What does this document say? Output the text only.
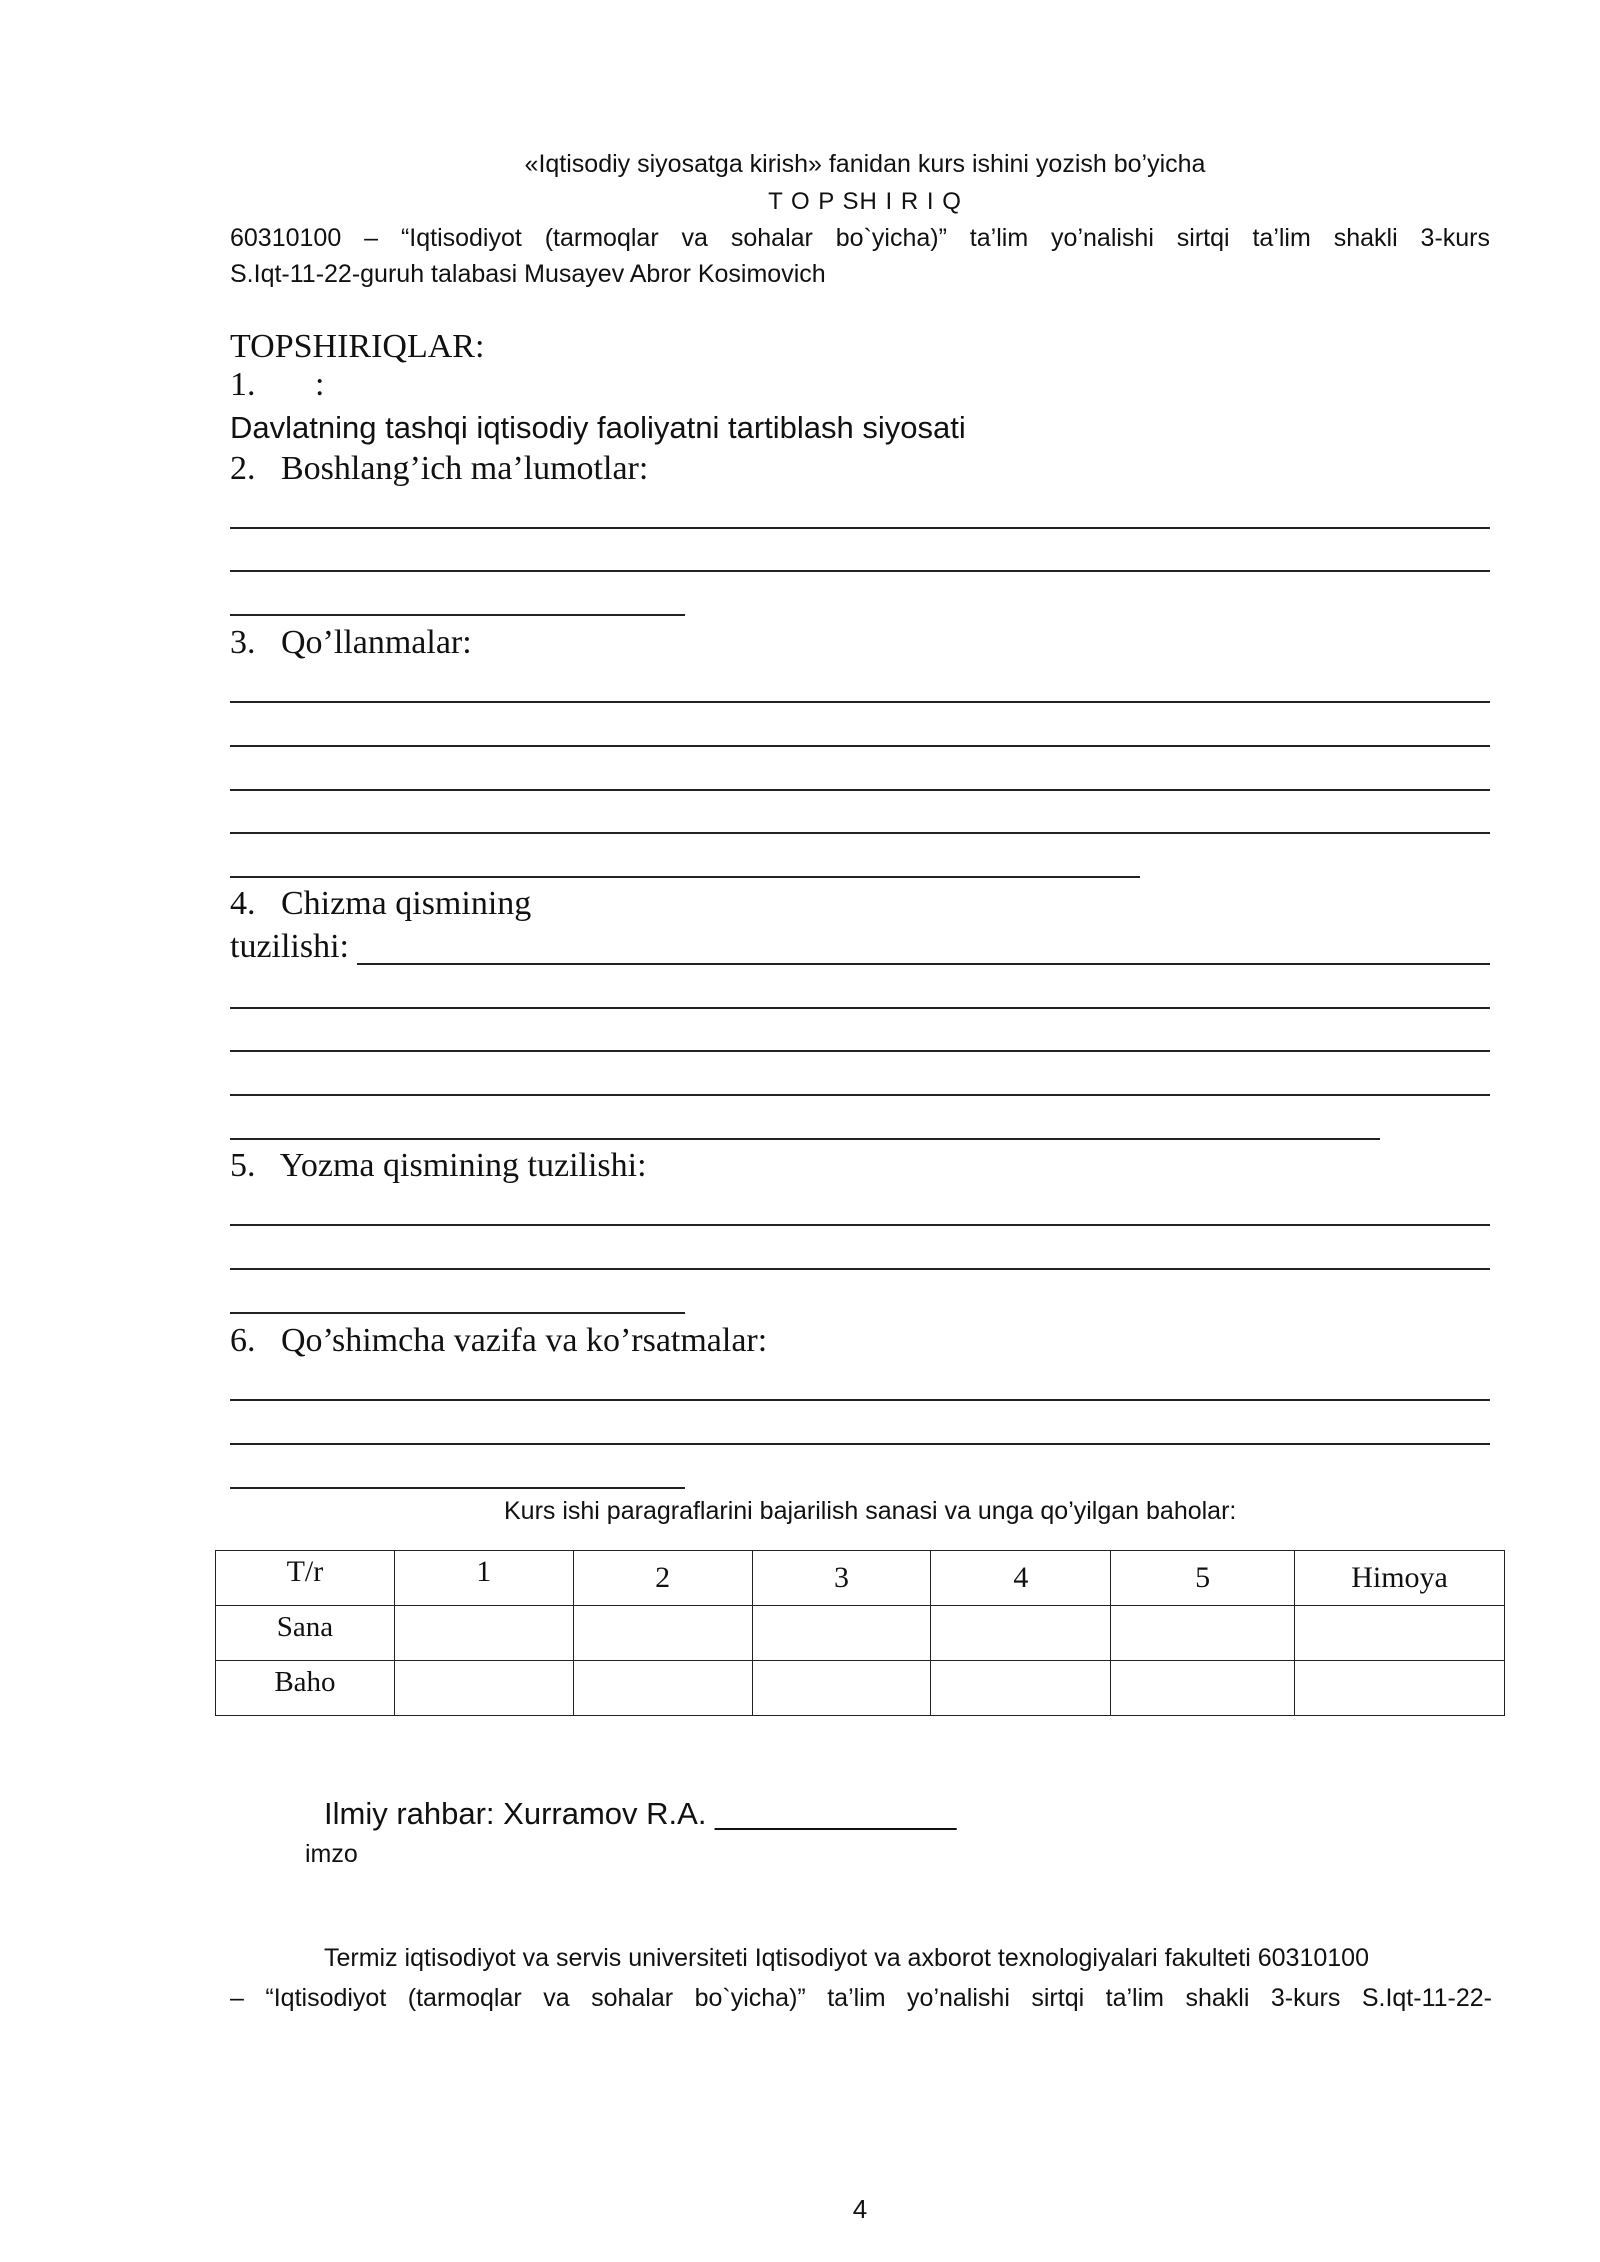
«Iqtisodiy siyosatga kirish» fanidan kurs ishini yozish bo’yicha
T O P SH I R I Q
60310100 – “Iqtisodiyot (tarmoqlar va sohalar bo`yicha)” ta’lim yo’nalishi sirtqi ta’lim shakli 3-kurs
S.Iqt-11-22-guruh talabasi Musayev Abror Kosimovich
TOPSHIRIQLAR:
1.       :
Davlatning tashqi iqtisodiy faoliyatni tartiblash siyosati
2.   Boshlang’ich ma’lumotlar:
3.   Qo’llanmalar:
4.   Chizma qismining
tuzilishi:
5.   Yozma qismining tuzilishi:
6.   Qo’shimcha vazifa va ko’rsatmalar:
Kurs ishi paragraflarini bajarilish sanasi va unga qo’yilgan baholar:
T/r	1	2	3	4	5	Himoya
Sana						
Baho						
Ilmiy rahbar: Xurramov R.A. ______________
imzo
Termiz iqtisodiyot va servis universiteti Iqtisodiyot va axborot texnologiyalari fakulteti 60310100
– “Iqtisodiyot (tarmoqlar va sohalar bo`yicha)” ta’lim yo’nalishi sirtqi ta’lim shakli 3-kurs S.Iqt-11-22-
4
